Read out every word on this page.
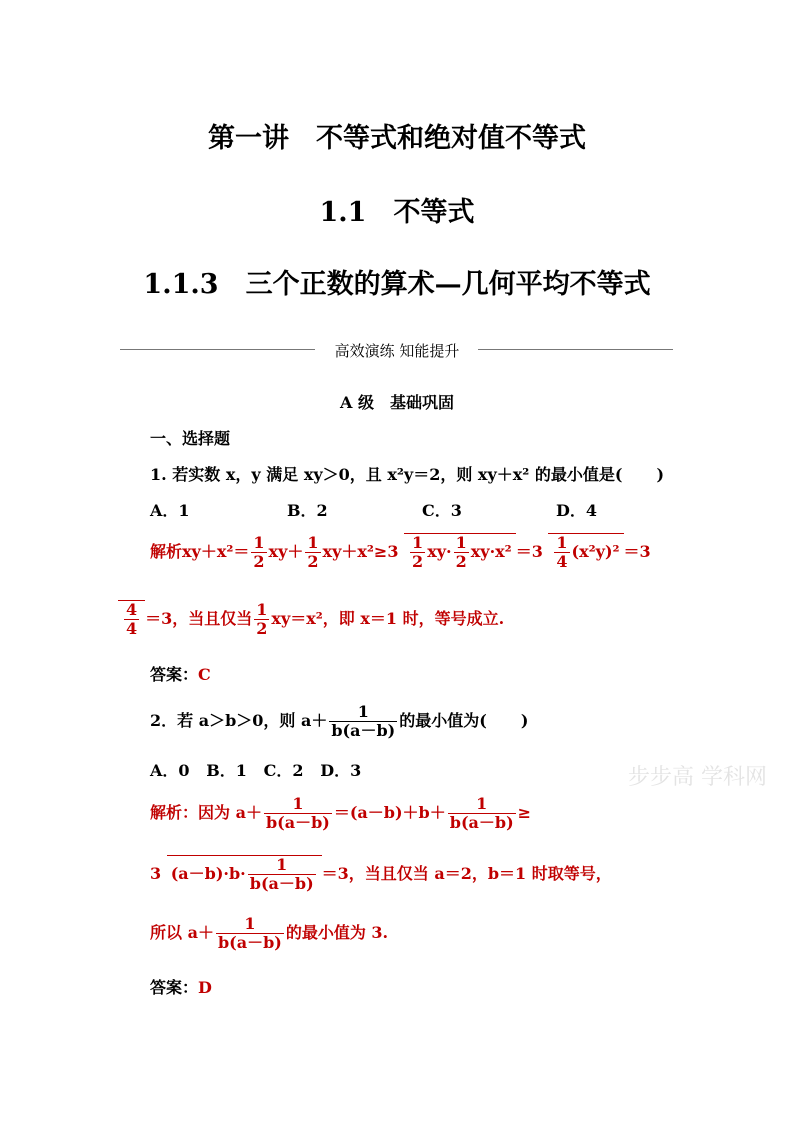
第一讲　不等式和绝对值不等式
1.1　不等式
1.1.3　三个正数的算术—几何平均不等式
高效演练 知能提升
A 级　基础巩固
一、选择题
1. 若实数 x，y 满足 xy＞0，且 x²y＝2，则 xy＋x² 的最小值是( )
A．1	B．2	C．3	D．4
解析$xy+x^2= \frac{1}{2} xy+ \frac{1}{2} xy+x^2\ge 3 \frac{1}{2} xy\cdot \frac{1}{2} xy\cdot x^2 =3 \frac{1}{4} (x^2y)^2 =3$
$\frac{4}{4} =3$，当且仅当 $\frac{1}{2} xy=x^2$，即 x＝1 时，等号成立.
答案：C
2．若 a＞b＞0，则 $a+ \frac{1}{b(a-b)}$ 的最小值为( )
A．0 B．1 C．2 D．3
解析：因为 $a+ \frac{1}{b(a-b)} =(a-b)+b+ \frac{1}{b(a-b)}$ ≥
3 $(a-b)\cdot b\cdot \frac{1}{b(a-b)} =3$，当且仅当 a＝2，b＝1 时取等号，
所以 $a+ \frac{1}{b(a-b)}$ 的最小值为 3.
答案：D
步步高 学科网
